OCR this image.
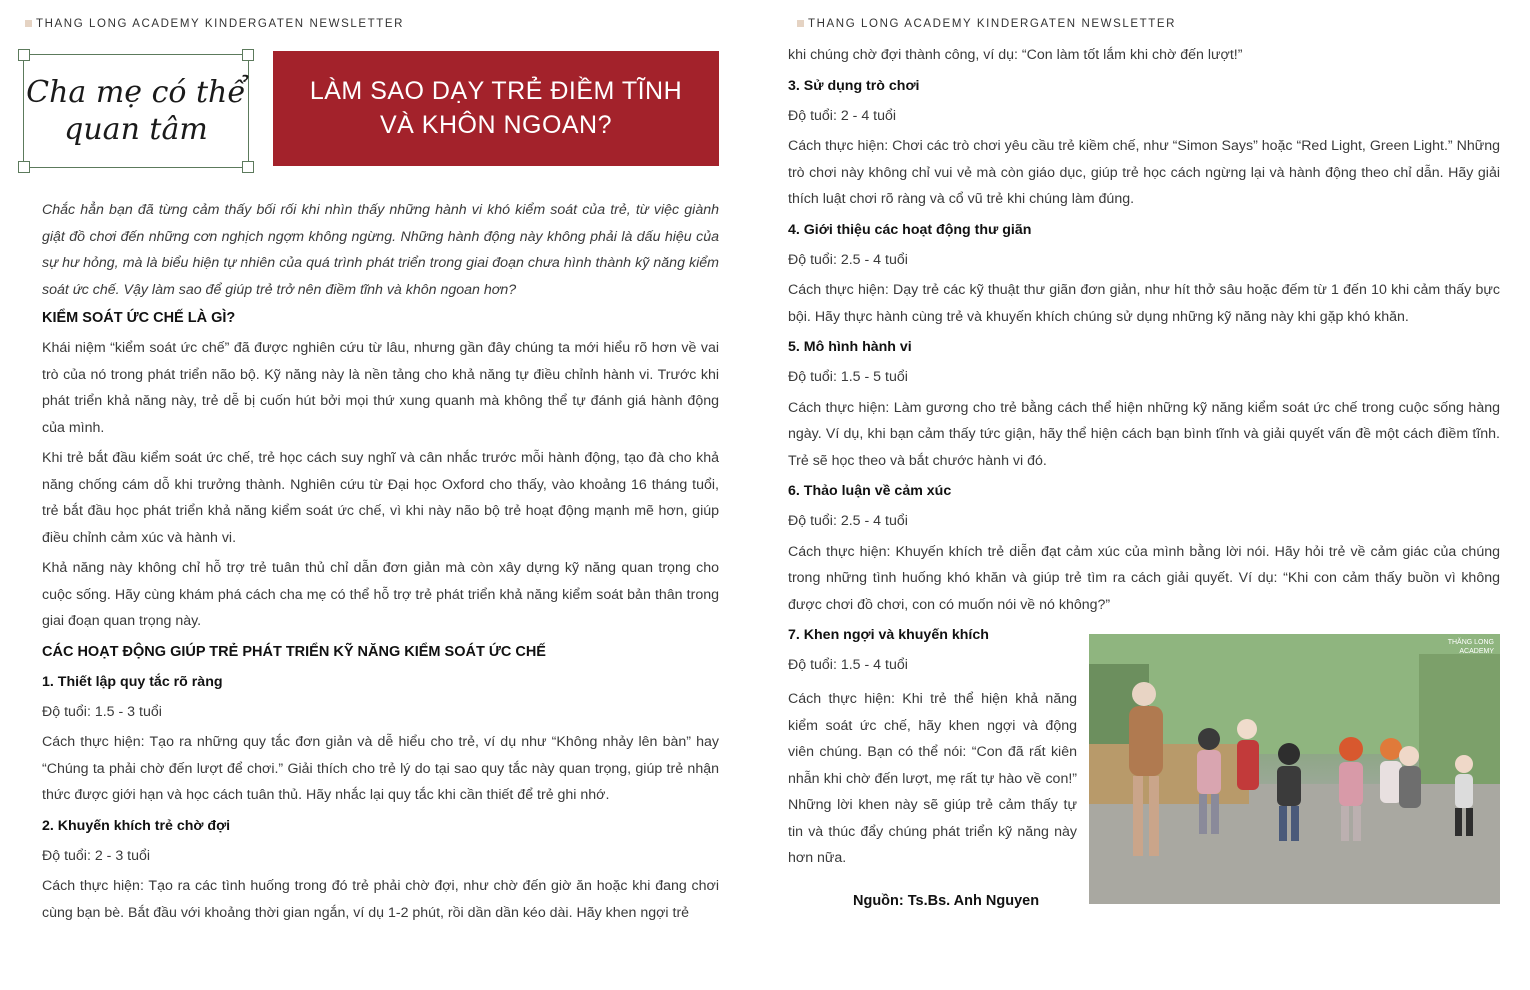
THANG LONG ACADEMY KINDERGATEN NEWSLETTER	THANG LONG ACADEMY KINDERGATEN NEWSLETTER
Cha mẹ có thể
quan tâm
LÀM SAO DẠY TRẺ ĐIỀM TĨNH
VÀ KHÔN NGOAN?

Chắc hẳn bạn đã từng cảm thấy bối rối khi nhìn thấy những hành vi khó kiểm soát của trẻ, từ việc giành giật đồ chơi đến những cơn nghịch ngợm không ngừng. Những hành động này không phải là dấu hiệu của sự hư hỏng, mà là biểu hiện tự nhiên của quá trình phát triển trong giai đoạn chưa hình thành kỹ năng kiểm soát ức chế. Vậy làm sao để giúp trẻ trở nên điềm tĩnh và khôn ngoan hơn?

KIỂM SOÁT ỨC CHẾ LÀ GÌ?

Khái niệm “kiểm soát ức chế” đã được nghiên cứu từ lâu, nhưng gần đây chúng ta mới hiểu rõ hơn về vai trò của nó trong phát triển não bộ. Kỹ năng này là nền tảng cho khả năng tự điều chỉnh hành vi. Trước khi phát triển khả năng này, trẻ dễ bị cuốn hút bởi mọi thứ xung quanh mà không thể tự đánh giá hành động của mình.

Khi trẻ bắt đầu kiểm soát ức chế, trẻ học cách suy nghĩ và cân nhắc trước mỗi hành động, tạo đà cho khả năng chống cám dỗ khi trưởng thành. Nghiên cứu từ Đại học Oxford cho thấy, vào khoảng 16 tháng tuổi, trẻ bắt đầu học phát triển khả năng kiểm soát ức chế, vì khi này não bộ trẻ hoạt động mạnh mẽ hơn, giúp điều chỉnh cảm xúc và hành vi.

Khả năng này không chỉ hỗ trợ trẻ tuân thủ chỉ dẫn đơn giản mà còn xây dựng kỹ năng quan trọng cho cuộc sống. Hãy cùng khám phá cách cha mẹ có thể hỗ trợ trẻ phát triển khả năng kiểm soát bản thân trong giai đoạn quan trọng này.

CÁC HOẠT ĐỘNG GIÚP TRẺ PHÁT TRIỂN KỸ NĂNG KIỂM SOÁT ỨC CHẾ
1. Thiết lập quy tắc rõ ràng

Độ tuổi: 1.5 - 3 tuổi

Cách thực hiện: Tạo ra những quy tắc đơn giản và dễ hiểu cho trẻ, ví dụ như “Không nhảy lên bàn” hay “Chúng ta phải chờ đến lượt để chơi.” Giải thích cho trẻ lý do tại sao quy tắc này quan trọng, giúp trẻ nhận thức được giới hạn và học cách tuân thủ. Hãy nhắc lại quy tắc khi cần thiết để trẻ ghi nhớ.

2. Khuyến khích trẻ chờ đợi

Độ tuổi: 2 - 3 tuổi

Cách thực hiện: Tạo ra các tình huống trong đó trẻ phải chờ đợi, như chờ đến giờ ăn hoặc khi đang chơi cùng bạn bè. Bắt đầu với khoảng thời gian ngắn, ví dụ 1-2 phút, rồi dần dần kéo dài. Hãy khen ngợi trẻ

khi chúng chờ đợi thành công, ví dụ: “Con làm tốt lắm khi chờ đến lượt!”

3. Sử dụng trò chơi

Độ tuổi: 2 - 4 tuổi

Cách thực hiện: Chơi các trò chơi yêu cầu trẻ kiềm chế, như “Simon Says” hoặc “Red Light, Green Light.” Những trò chơi này không chỉ vui vẻ mà còn giáo dục, giúp trẻ học cách ngừng lại và hành động theo chỉ dẫn. Hãy giải thích luật chơi rõ ràng và cổ vũ trẻ khi chúng làm đúng.

4. Giới thiệu các hoạt động thư giãn

Độ tuổi: 2.5 - 4 tuổi

Cách thực hiện: Dạy trẻ các kỹ thuật thư giãn đơn giản, như hít thở sâu hoặc đếm từ 1 đến 10 khi cảm thấy bực bội. Hãy thực hành cùng trẻ và khuyến khích chúng sử dụng những kỹ năng này khi gặp khó khăn.

5. Mô hình hành vi

Độ tuổi: 1.5 - 5 tuổi

Cách thực hiện: Làm gương cho trẻ bằng cách thể hiện những kỹ năng kiểm soát ức chế trong cuộc sống hàng ngày. Ví dụ, khi bạn cảm thấy tức giận, hãy thể hiện cách bạn bình tĩnh và giải quyết vấn đề một cách điềm tĩnh. Trẻ sẽ học theo và bắt chước hành vi đó.

6. Thảo luận về cảm xúc

Độ tuổi: 2.5 - 4 tuổi

Cách thực hiện: Khuyến khích trẻ diễn đạt cảm xúc của mình bằng lời nói. Hãy hỏi trẻ về cảm giác của chúng trong những tình huống khó khăn và giúp trẻ tìm ra cách giải quyết. Ví dụ: “Khi con cảm thấy buồn vì không được chơi đồ chơi, con có muốn nói về nó không?”

7. Khen ngợi và khuyến khích

Độ tuổi: 1.5 - 4 tuổi

Cách thực hiện: Khi trẻ thể hiện khả năng kiểm soát ức chế, hãy khen ngợi và động viên chúng. Bạn có thể nói: “Con đã rất kiên nhẫn khi chờ đến lượt, mẹ rất tự hào về con!” Những lời khen này sẽ giúp trẻ cảm thấy tự tin và thúc đẩy chúng phát triển kỹ năng này hơn nữa.
THĂNG LONG
ACADEMY
Nguồn: Ts.Bs. Anh Nguyen
